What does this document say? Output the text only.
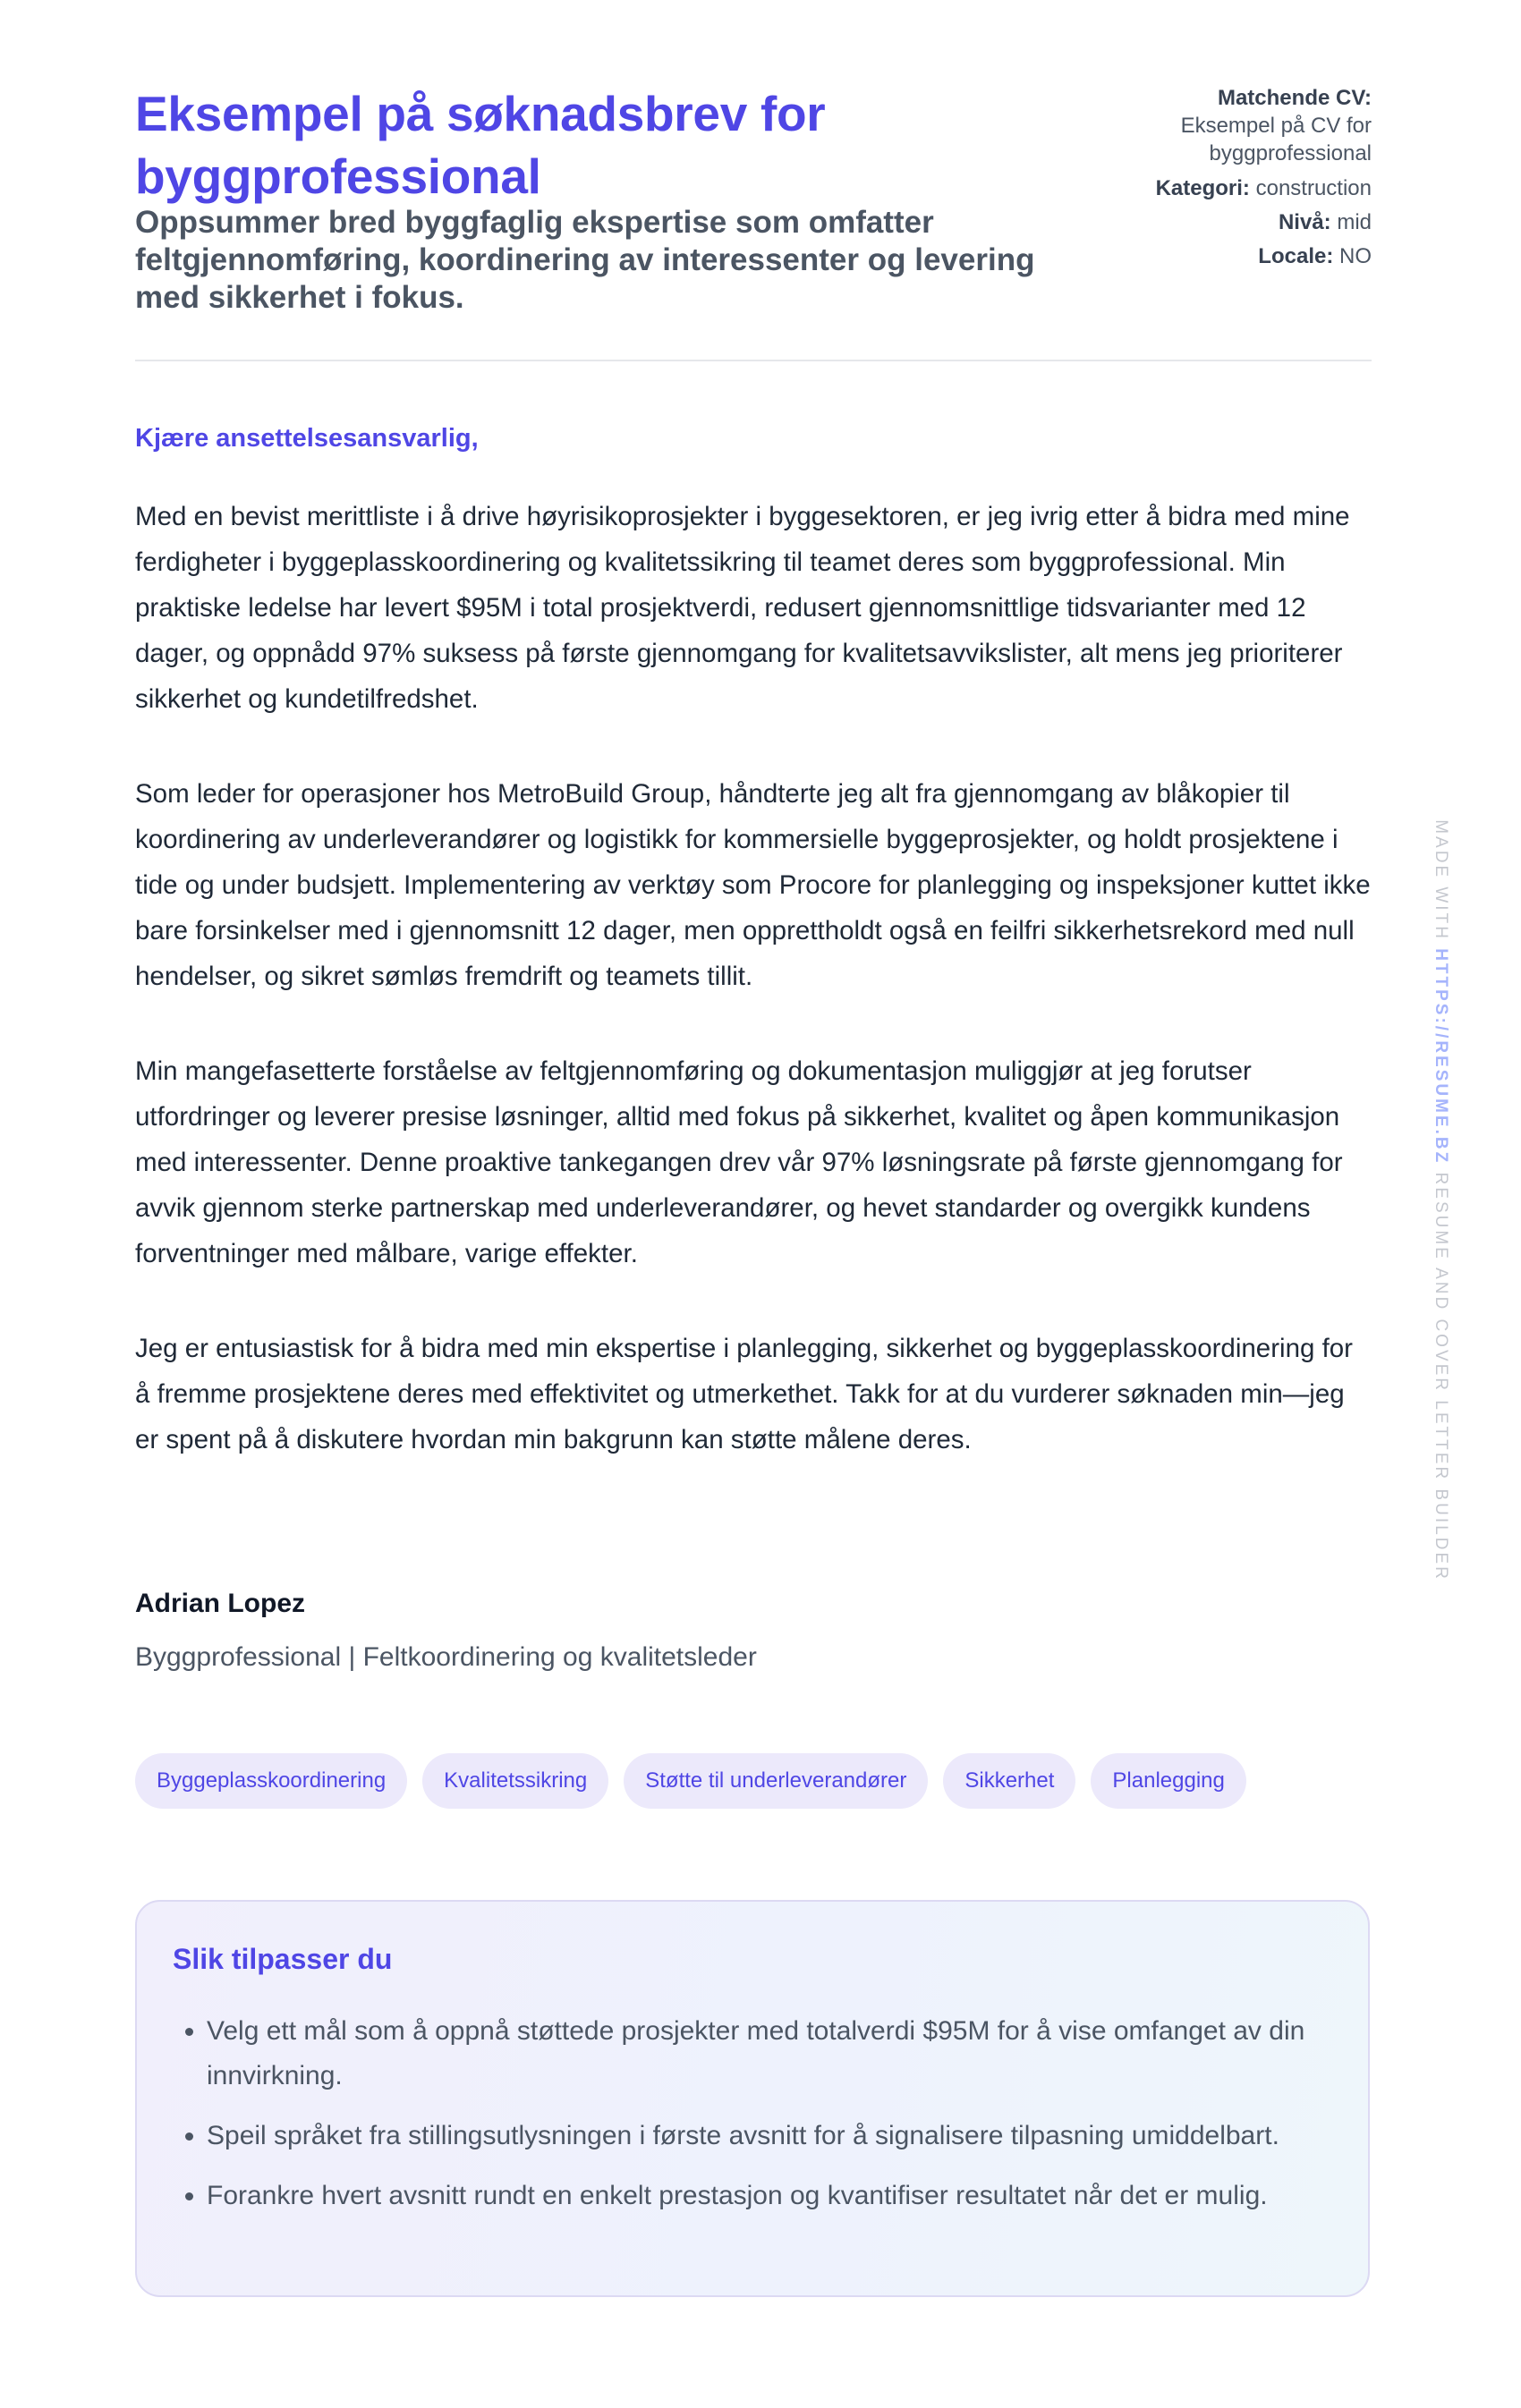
Eksempel på søknadsbrev for byggprofessional
Oppsummer bred byggfaglig ekspertise som omfatter feltgjennomføring, koordinering av interessenter og levering med sikkerhet i fokus.
Matchende CV:
Eksempel på CV for byggprofessional
Kategori: construction
Nivå: mid
Locale: NO

Kjære ansettelsesansvarlig,

Med en bevist merittliste i å drive høyrisikoprosjekter i byggesektoren, er jeg ivrig etter å bidra med mine ferdigheter i byggeplasskoordinering og kvalitetssikring til teamet deres som byggprofessional. Min praktiske ledelse har levert $95M i total prosjektverdi, redusert gjennomsnittlige tidsvarianter med 12 dager, og oppnådd 97% suksess på første gjennomgang for kvalitetsavvikslister, alt mens jeg prioriterer sikkerhet og kundetilfredshet.

Som leder for operasjoner hos MetroBuild Group, håndterte jeg alt fra gjennomgang av blåkopier til koordinering av underleverandører og logistikk for kommersielle byggeprosjekter, og holdt prosjektene i tide og under budsjett. Implementering av verktøy som Procore for planlegging og inspeksjoner kuttet ikke bare forsinkelser med i gjennomsnitt 12 dager, men opprettholdt også en feilfri sikkerhetsrekord med null hendelser, og sikret sømløs fremdrift og teamets tillit.

Min mangefasetterte forståelse av feltgjennomføring og dokumentasjon muliggjør at jeg forutser utfordringer og leverer presise løsninger, alltid med fokus på sikkerhet, kvalitet og åpen kommunikasjon med interessenter. Denne proaktive tankegangen drev vår 97% løsningsrate på første gjennomgang for avvik gjennom sterke partnerskap med underleverandører, og hevet standarder og overgikk kundens forventninger med målbare, varige effekter.

Jeg er entusiastisk for å bidra med min ekspertise i planlegging, sikkerhet og byggeplasskoordinering for å fremme prosjektene deres med effektivitet og utmerkethet. Takk for at du vurderer søknaden min—jeg er spent på å diskutere hvordan min bakgrunn kan støtte målene deres.

Adrian Lopez

Byggprofessional | Feltkoordinering og kvalitetsleder

Byggeplasskoordinering	Kvalitetssikring	Støtte til underleverandører	Sikkerhet	Planlegging
Slik tilpasser du
• Velg ett mål som å oppnå støttede prosjekter med totalverdi $95M for å vise omfanget av din innvirkning.
• Speil språket fra stillingsutlysningen i første avsnitt for å signalisere tilpasning umiddelbart.
• Forankre hvert avsnitt rundt en enkelt prestasjon og kvantifiser resultatet når det er mulig.
MADE WITH HTTPS://RESUME.BZ RESUME AND COVER LETTER BUILDER
